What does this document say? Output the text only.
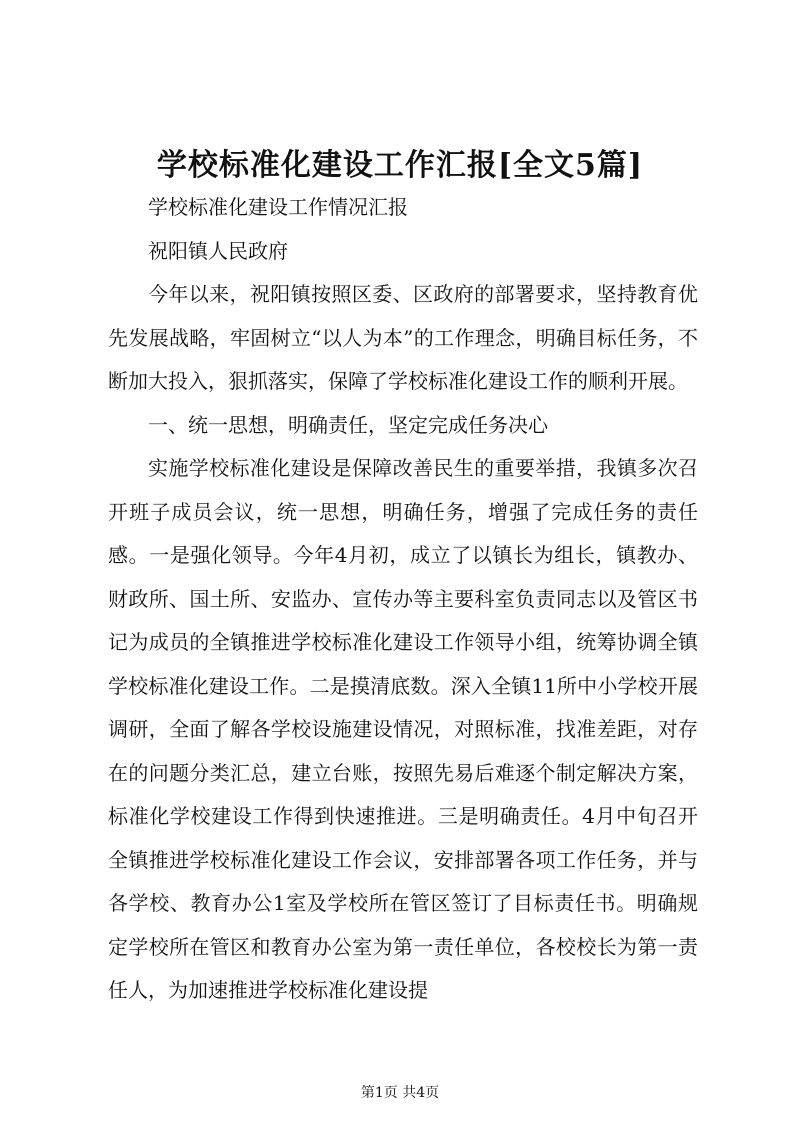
学校标准化建设工作汇报[全文5篇]

学校标准化建设工作情况汇报

祝阳镇人民政府

今年以来，祝阳镇按照区委、区政府的部署要求，坚持教育优先发展战略，牢固树立“以人为本”的工作理念，明确目标任务，不断加大投入，狠抓落实，保障了学校标准化建设工作的顺利开展。

一、统一思想，明确责任，坚定完成任务决心

实施学校标准化建设是保障改善民生的重要举措，我镇多次召开班子成员会议，统一思想，明确任务，增强了完成任务的责任感。一是强化领导。今年4月初，成立了以镇长为组长，镇教办、财政所、国土所、安监办、宣传办等主要科室负责同志以及管区书记为成员的全镇推进学校标准化建设工作领导小组，统筹协调全镇学校标准化建设工作。二是摸清底数。深入全镇11所中小学校开展调研，全面了解各学校设施建设情况，对照标准，找准差距，对存在的问题分类汇总，建立台账，按照先易后难逐个制定解决方案，标准化学校建设工作得到快速推进。三是明确责任。4月中旬召开全镇推进学校标准化建设工作会议，安排部署各项工作任务，并与各学校、教育办公1室及学校所在管区签订了目标责任书。明确规定学校所在管区和教育办公室为第一责任单位，各校校长为第一责任人，为加速推进学校标准化建设提

第1页 共4页
